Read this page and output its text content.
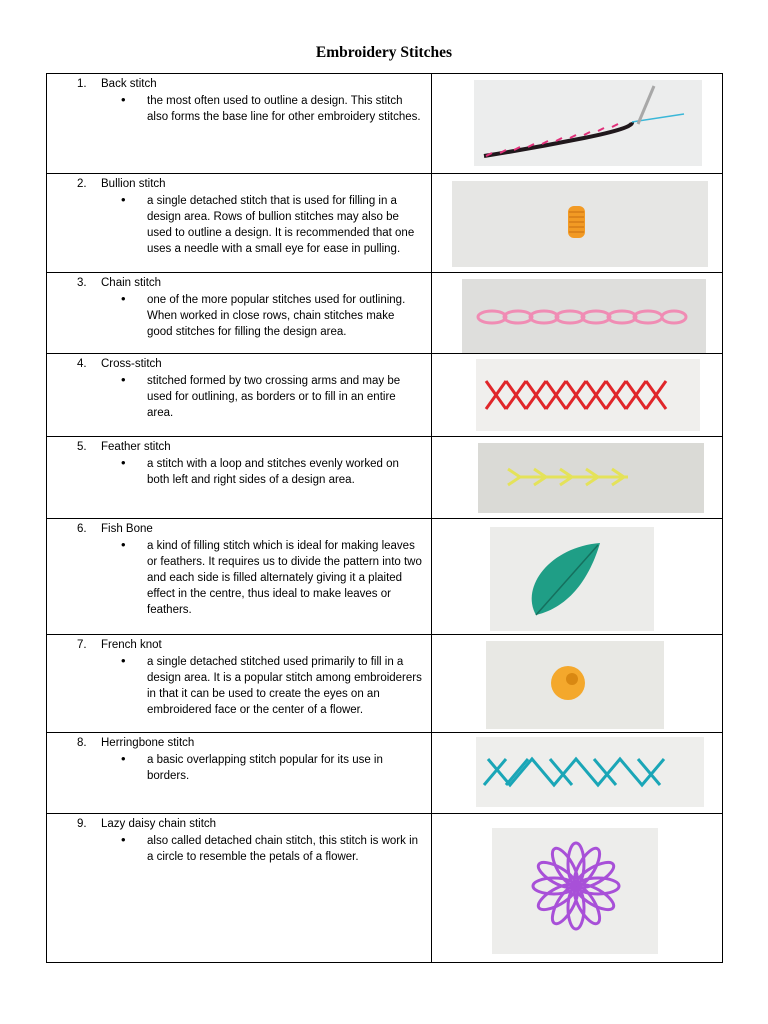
Embroidery Stitches
1. Back stitch
• the most often used to outline a design. This stitch also forms the base line for other embroidery stitches.

2. Bullion stitch
• a single detached stitch that is used for filling in a design area. Rows of bullion stitches may also be used to outline a design. It is recommended that one uses a needle with a small eye for ease in pulling.

3. Chain stitch
• one of the more popular stitches used for outlining. When worked in close rows, chain stitches make good stitches for filling the design area.

4. Cross-stitch
• stitched formed by two crossing arms and may be used for outlining, as borders or to fill in an entire area.

5. Feather stitch
• a stitch with a loop and stitches evenly worked on both left and right sides of a design area.

6. Fish Bone
• a kind of filling stitch which is ideal for making leaves or feathers. It requires us to divide the pattern into two and each side is filled alternately giving it a plaited effect in the centre, thus ideal to make leaves or feathers.

7. French knot
• a single detached stitched used primarily to fill in a design area. It is a popular stitch among embroiderers in that it can be used to create the eyes on an embroidered face or the center of a flower.

8. Herringbone stitch
• a basic overlapping stitch popular for its use in borders.

9. Lazy daisy chain stitch
• also called detached chain stitch, this stitch is work in a circle to resemble the petals of a flower.
